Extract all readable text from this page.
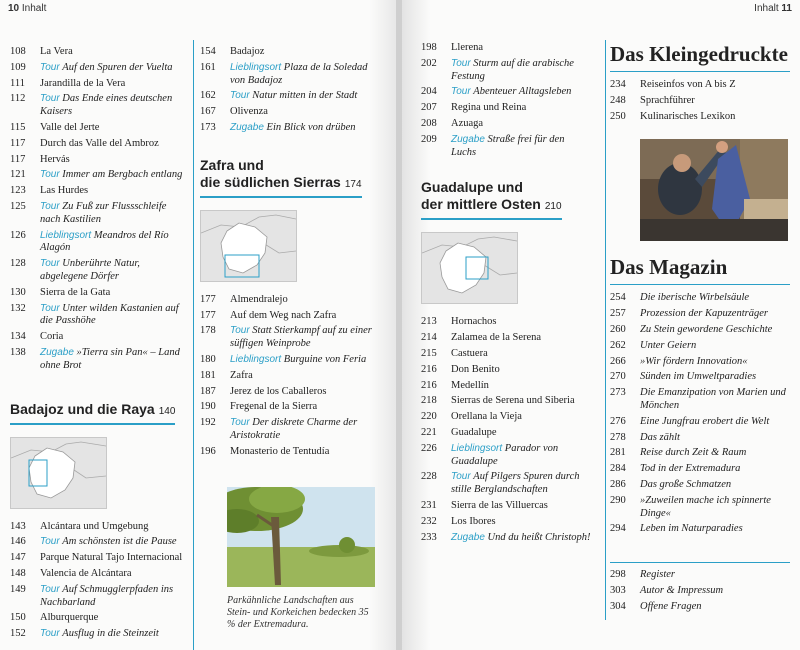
10 Inhalt
108	La Vera
109	Tour Auf den Spuren der Vuelta
111	Jarandilla de la Vera
112	Tour Das Ende eines deutschen Kaisers
115	Valle del Jerte
117	Durch das Valle del Ambroz
117	Hervás
121	Tour Immer am Bergbach entlang
123	Las Hurdes
125	Tour Zu Fuß zur Flussschleife nach Kastilien
126	Lieblingsort Meandros del Río Alagón
128	Tour Unberührte Natur, abgelegene Dörfer
130	Sierra de la Gata
132	Tour Unter wilden Kastanien auf die Passhöhe
134	Coria
138	Zugabe »Tierra sin Pan« – Land ohne Brot
Badajoz und die Raya 140
143	Alcántara und Umgebung
146	Tour Am schönsten ist die Pause
147	Parque Natural Tajo Internacional
148	Valencia de Alcántara
149	Tour Auf Schmugglerpfaden ins Nachbarland
150	Alburquerque
152	Tour Ausflug in die Steinzeit
154	Badajoz
161	Lieblingsort Plaza de la Soledad von Badajoz
162	Tour Natur mitten in der Stadt
167	Olivenza
173	Zugabe Ein Blick von drüben
Zafra und
die südlichen Sierras 174
177	Almendralejo
177	Auf dem Weg nach Zafra
178	Tour Statt Stierkampf auf zu einer süffigen Weinprobe
180	Lieblingsort Burguine von Feria
181	Zafra
187	Jerez de los Caballeros
190	Fregenal de la Sierra
192	Tour Der diskrete Charme der Aristokratie
196	Monasterio de Tentudía
Parkähnliche Landschaften aus Stein- und Korkeichen bedecken 35 % der Extremadura.
Inhalt 11
198	Llerena
202	Tour Sturm auf die arabische Festung
204	Tour Abenteuer Alltagsleben
207	Regina und Reina
208	Azuaga
209	Zugabe Straße frei für den Luchs
Guadalupe und
der mittlere Osten 210
213	Hornachos
214	Zalamea de la Serena
215	Castuera
216	Don Benito
216	Medellín
218	Sierras de Serena und Siberia
220	Orellana la Vieja
221	Guadalupe
226	Lieblingsort Parador von Guadalupe
228	Tour Auf Pilgers Spuren durch stille Berglandschaften
231	Sierra de las Villuercas
232	Los Ibores
233	Zugabe Und du heißt Christoph!
Das Kleingedruckte
234	Reiseinfos von A bis Z
248	Sprachführer
250	Kulinarisches Lexikon
Das Magazin
254	Die iberische Wirbelsäule
257	Prozession der Kapuzenträger
260	Zu Stein gewordene Geschichte
262	Unter Geiern
266	»Wir fördern Innovation«
270	Sünden im Umweltparadies
273	Die Emanzipation von Marien und Mönchen
276	Eine Jungfrau erobert die Welt
278	Das zählt
281	Reise durch Zeit & Raum
284	Tod in der Extremadura
286	Das große Schmatzen
290	»Zuweilen mache ich spinnerte Dinge«
294	Leben im Naturparadies
298	Register
303	Autor & Impressum
304	Offene Fragen
